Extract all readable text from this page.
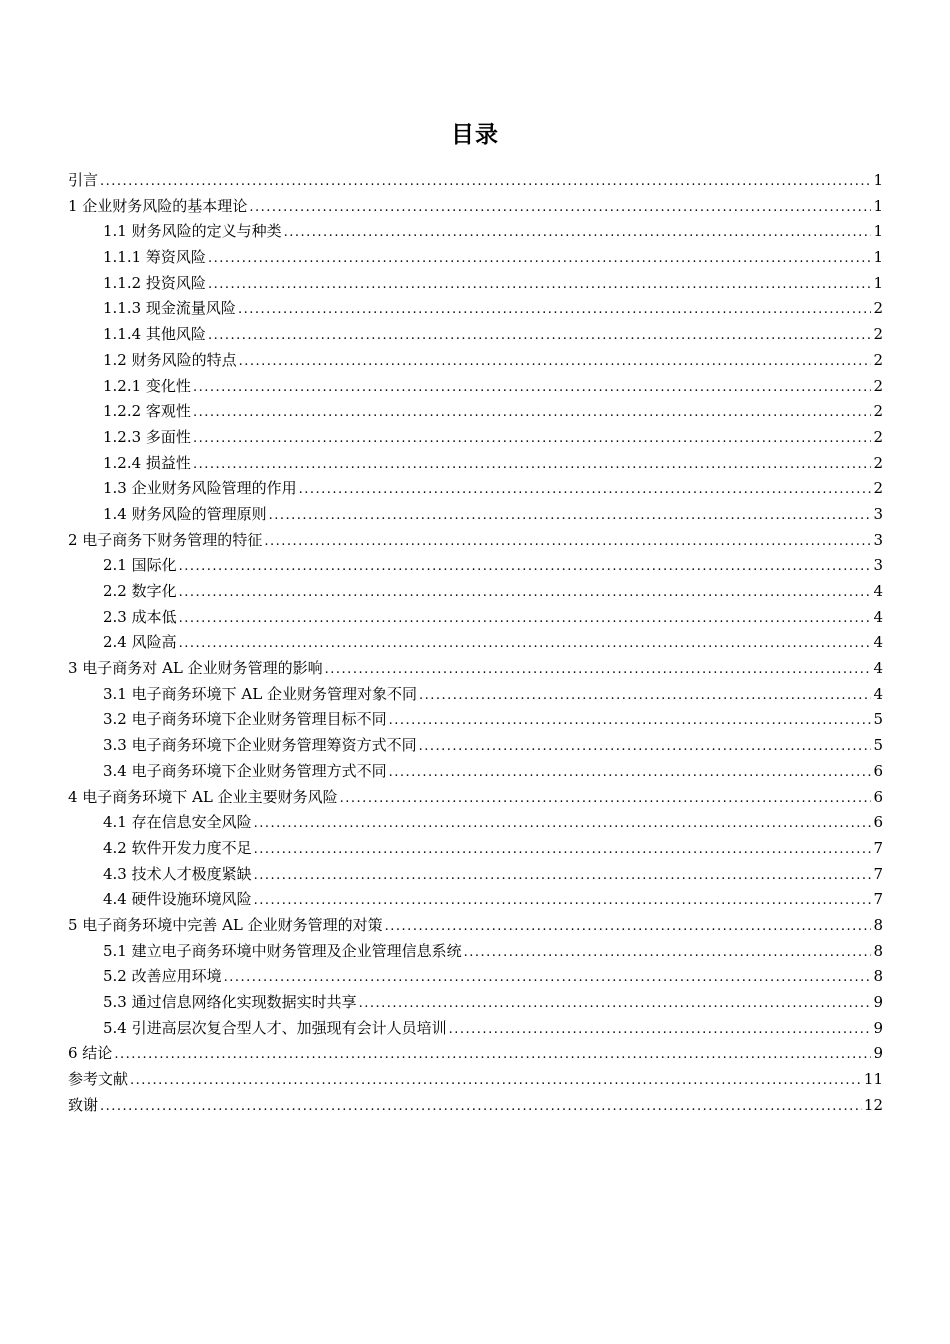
目录
引言 .....	1
1 企业财务风险的基本理论 .....	1
1.1 财务风险的定义与种类 .....	1
1.1.1 筹资风险 .....	1
1.1.2 投资风险 .....	1
1.1.3 现金流量风险 .....	2
1.1.4 其他风险 .....	2
1.2 财务风险的特点 .....	2
1.2.1 变化性 .....	2
1.2.2 客观性 .....	2
1.2.3 多面性 .....	2
1.2.4 损益性 .....	2
1.3 企业财务风险管理的作用 .....	2
1.4 财务风险的管理原则 .....	3
2 电子商务下财务管理的特征 .....	3
2.1 国际化 .....	3
2.2 数字化 .....	4
2.3 成本低 .....	4
2.4 风险高 .....	4
3 电子商务对 AL 企业财务管理的影响 .....	4
3.1 电子商务环境下 AL 企业财务管理对象不同 .....	4
3.2 电子商务环境下企业财务管理目标不同 .....	5
3.3 电子商务环境下企业财务管理筹资方式不同 .....	5
3.4 电子商务环境下企业财务管理方式不同 .....	6
4 电子商务环境下 AL 企业主要财务风险 .....	6
4.1 存在信息安全风险 .....	6
4.2 软件开发力度不足 .....	7
4.3 技术人才极度紧缺 .....	7
4.4 硬件设施环境风险 .....	7
5 电子商务环境中完善 AL 企业财务管理的对策 .....	8
5.1 建立电子商务环境中财务管理及企业管理信息系统 .....	8
5.2 改善应用环境 .....	8
5.3 通过信息网络化实现数据实时共享 .....	9
5.4 引进高层次复合型人才、加强现有会计人员培训 .....	9
6 结论 .....	9
参考文献 .....	11
致谢 .....	12
